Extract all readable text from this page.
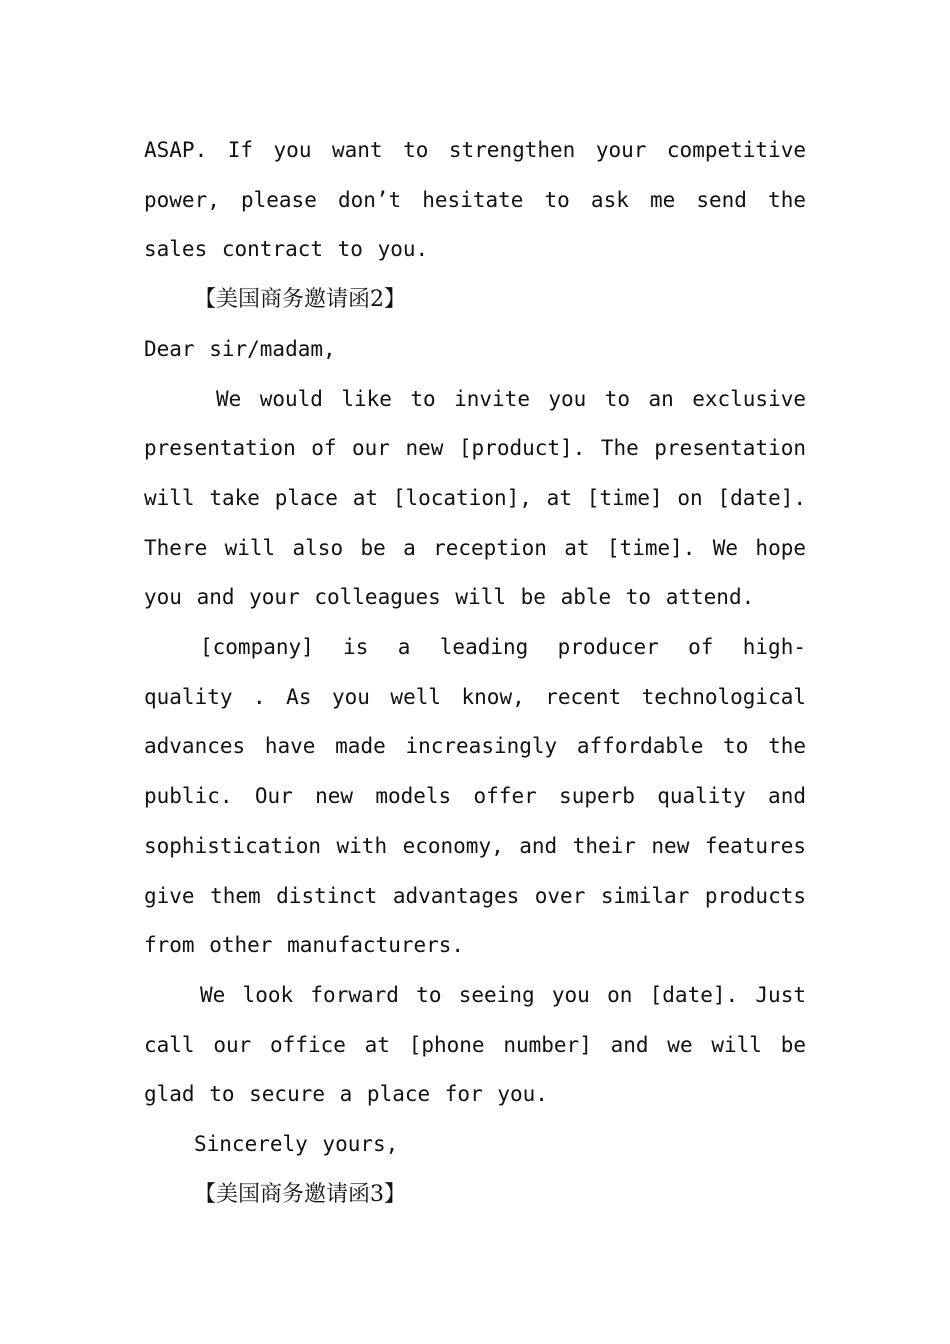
ASAP. If you want to strengthen your competitive power, please don’t hesitate to ask me send the sales contract to you.

【美国商务邀请函2】

Dear sir/madam,

We would like to invite you to an exclusive presentation of our new [product]. The presentation will take place at [location], at [time] on [date]. There will also be a reception at [time]. We hope you and your colleagues will be able to attend.

[company] is a leading producer of high-quality . As you well know, recent technological advances have made increasingly affordable to the public. Our new models offer superb quality and sophistication with economy, and their new features give them distinct advantages over similar products from other manufacturers.

We look forward to seeing you on [date]. Just call our office at [phone number] and we will be glad to secure a place for you.

Sincerely yours,

【美国商务邀请函3】
